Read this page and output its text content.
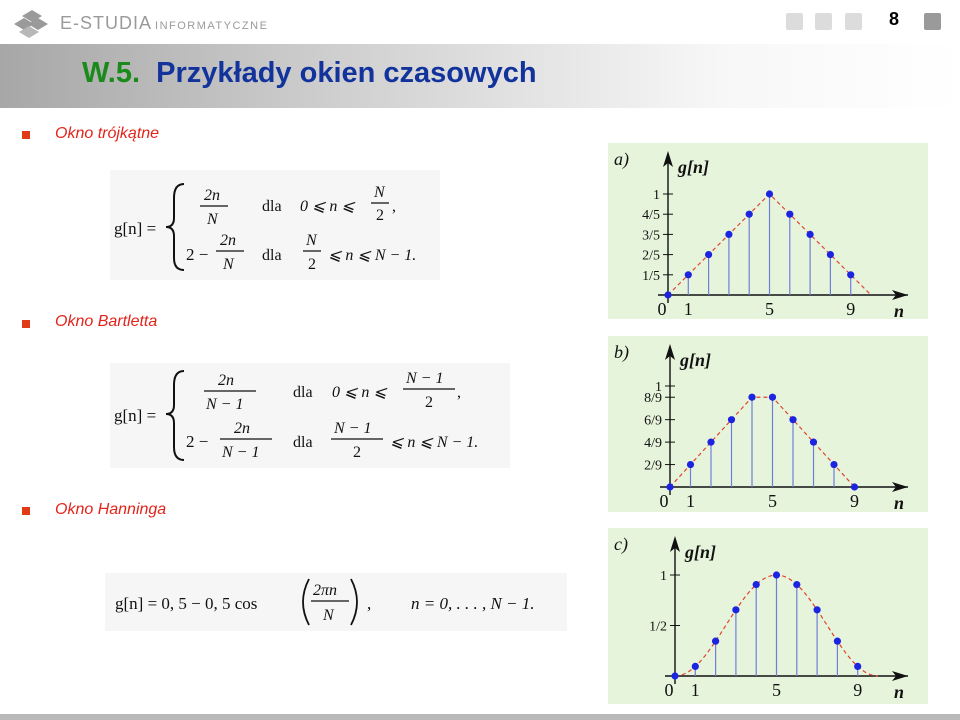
E-STUDIA INFORMATYCZNE	8
W.5. Przykłady okien czasowych
Okno trójkątne
g[n] =
2n
N
dla 0 ⩽ n ⩽
N
2
,
2 −
2n
N
dla
N
2
⩽ n ⩽ N − 1.
Okno Bartletta
g[n] =
2n
N − 1
dla 0 ⩽ n ⩽
N − 1
2
,
2 −
2n
N − 1
dla
N − 1
2
⩽ n ⩽ N − 1.
Okno Hanninga
g[n] = 0, 5 − 0, 5 cos
2πn
N
, n = 0, . . . , N − 1.
a)	g[n]
n
1/5
2/5
3/5
4/5
1
0 1	5	9
b)	g[n]
n
2/9
4/9
6/9
8/9
1
0 1	5	9
c)	g[n]
n
1/2
1
0 1	5	9
